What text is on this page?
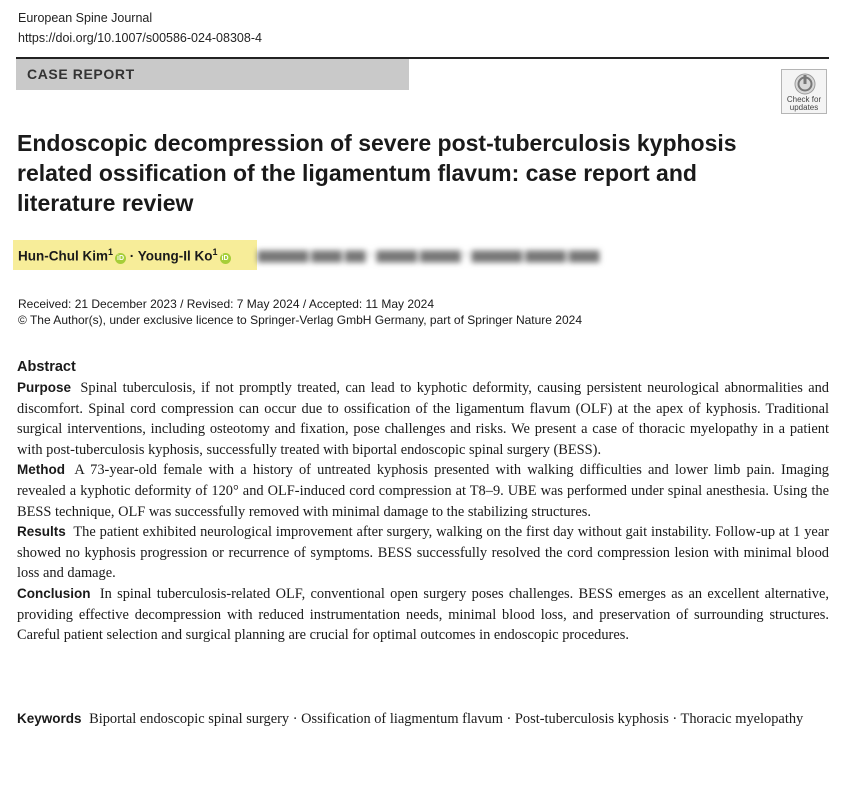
European Spine Journal
https://doi.org/10.1007/s00586-024-08308-4
CASE REPORT
Check for
updates
Endoscopic decompression of severe post-tuberculosis kyphosis related ossification of the ligamentum flavum: case report and literature review
Hun-Chul Kim$^1$iD · Young-Il Ko$^1$iD ▆▆▆▆▆ ▆▆▆ ▆▆ · ▆▆▆▆ ▆▆▆▆ · ▆▆▆▆▆ ▆▆▆▆ ▆▆▆
Received: 21 December 2023 / Revised: 7 May 2024 / Accepted: 11 May 2024
© The Author(s), under exclusive licence to Springer-Verlag GmbH Germany, part of Springer Nature 2024
Abstract

Purpose Spinal tuberculosis, if not promptly treated, can lead to kyphotic deformity, causing persistent neurological abnormalities and discomfort. Spinal cord compression can occur due to ossification of the ligamentum flavum (OLF) at the apex of kyphosis. Traditional surgical interventions, including osteotomy and fixation, pose challenges and risks. We present a case of thoracic myelopathy in a patient with post-tuberculosis kyphosis, successfully treated with biportal endoscopic spinal surgery (BESS).

Method A 73-year-old female with a history of untreated kyphosis presented with walking difficulties and lower limb pain. Imaging revealed a kyphotic deformity of 120° and OLF-induced cord compression at T8–9. UBE was performed under spinal anesthesia. Using the BESS technique, OLF was successfully removed with minimal damage to the stabilizing structures.

Results The patient exhibited neurological improvement after surgery, walking on the first day without gait instability. Follow-up at 1 year showed no kyphosis progression or recurrence of symptoms. BESS successfully resolved the cord compression lesion with minimal blood loss and damage.

Conclusion In spinal tuberculosis-related OLF, conventional open surgery poses challenges. BESS emerges as an excellent alternative, providing effective decompression with reduced instrumentation needs, minimal blood loss, and preservation of surrounding structures. Careful patient selection and surgical planning are crucial for optimal outcomes in endoscopic procedures.

Keywords Biportal endoscopic spinal surgery · Ossification of liagmentum flavum · Post-tuberculosis kyphosis · Thoracic myelopathy
